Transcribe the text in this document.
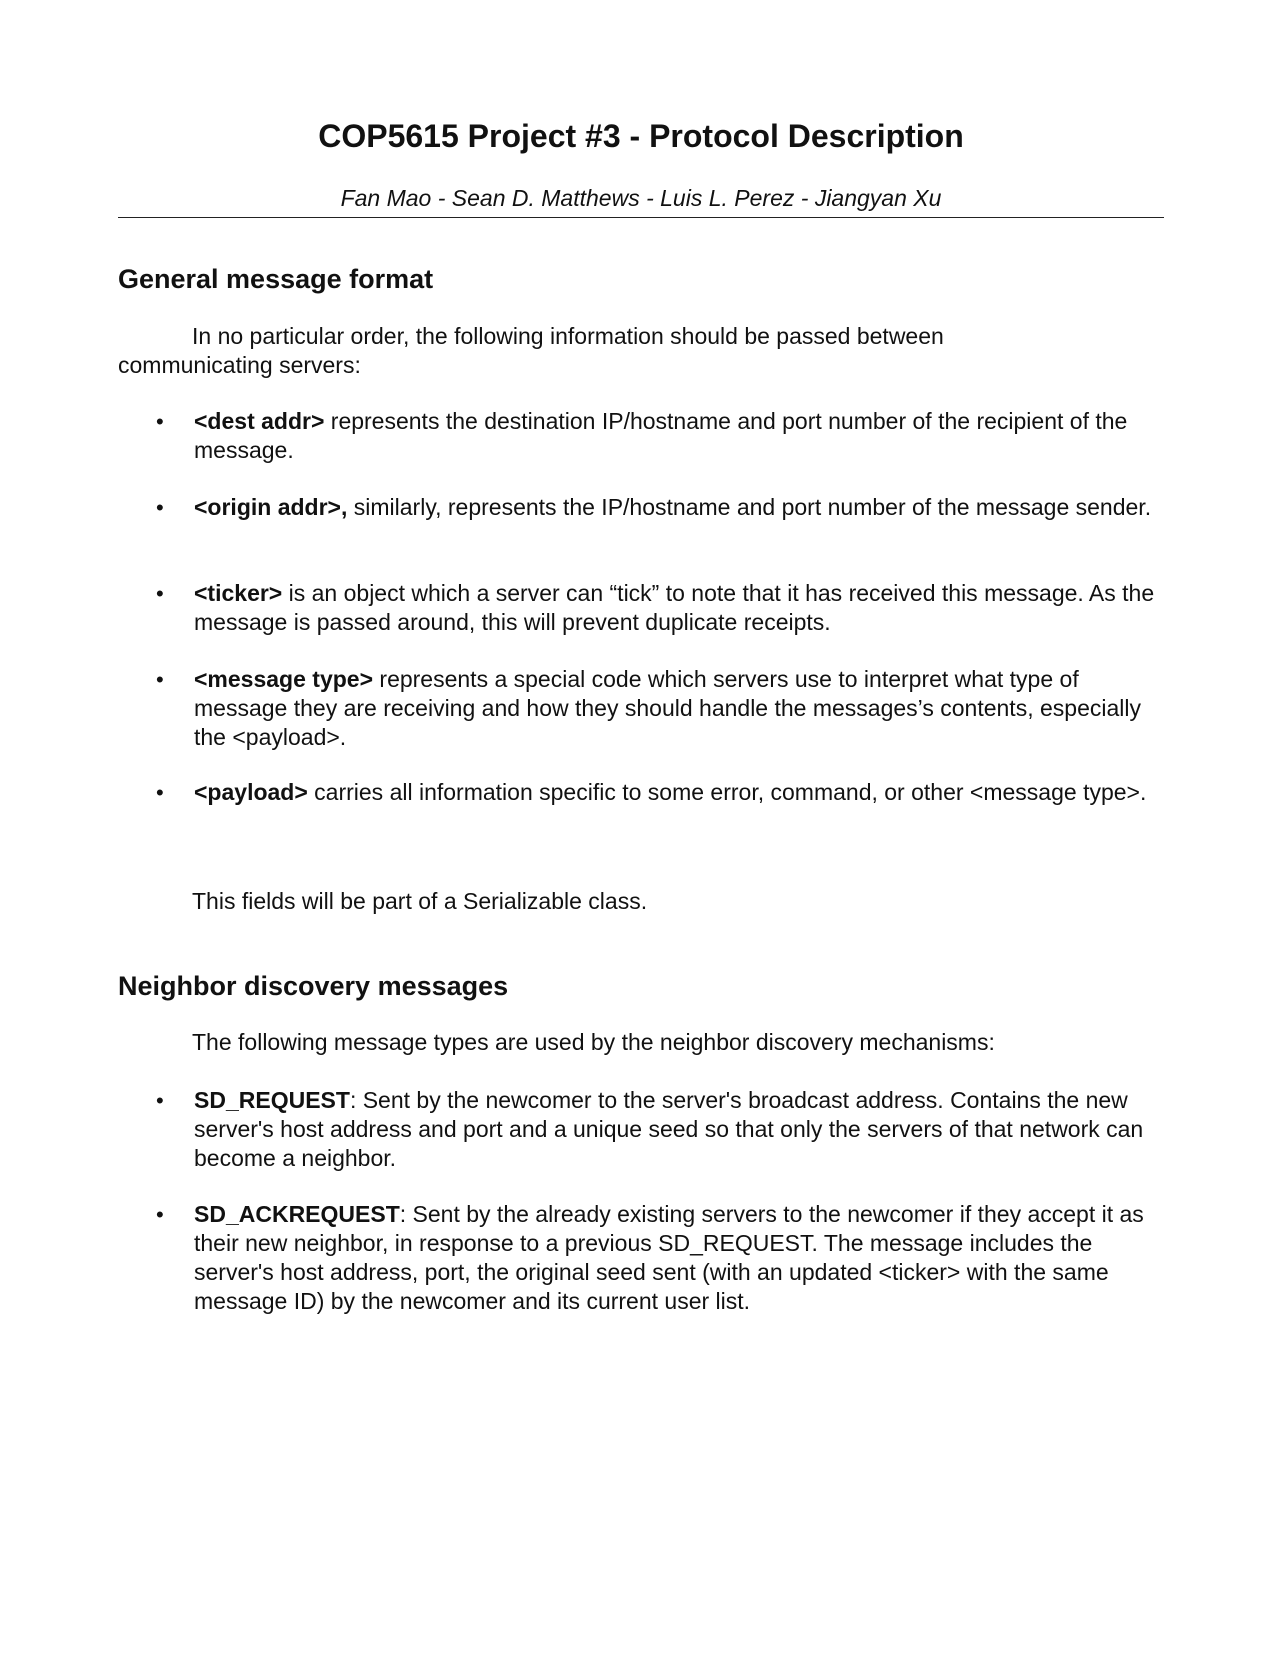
COP5615 Project #3 - Protocol Description

Fan Mao - Sean D. Matthews - Luis L. Perez - Jiangyan Xu

General message format

In no particular order, the following information should be passed between communicating servers:

• <dest addr> represents the destination IP/hostname and port number of the recipient of the message.
• <origin addr>, similarly, represents the IP/hostname and port number of the message sender.
• <ticker> is an object which a server can “tick” to note that it has received this message. As the message is passed around, this will prevent duplicate receipts.
• <message type> represents a special code which servers use to interpret what type of message they are receiving and how they should handle the messages’s contents, especially the <payload>.
• <payload> carries all information specific to some error, command, or other <message type>.

This fields will be part of a Serializable class.

Neighbor discovery messages

The following message types are used by the neighbor discovery mechanisms:

• SD_REQUEST: Sent by the newcomer to the server's broadcast address. Contains the new server's host address and port and a unique seed so that only the servers of that network can become a neighbor.
• SD_ACKREQUEST: Sent by the already existing servers to the newcomer if they accept it as their new neighbor, in response to a previous SD_REQUEST. The message includes the server's host address, port, the original seed sent (with an updated <ticker> with the same message ID) by the newcomer and its current user list.
